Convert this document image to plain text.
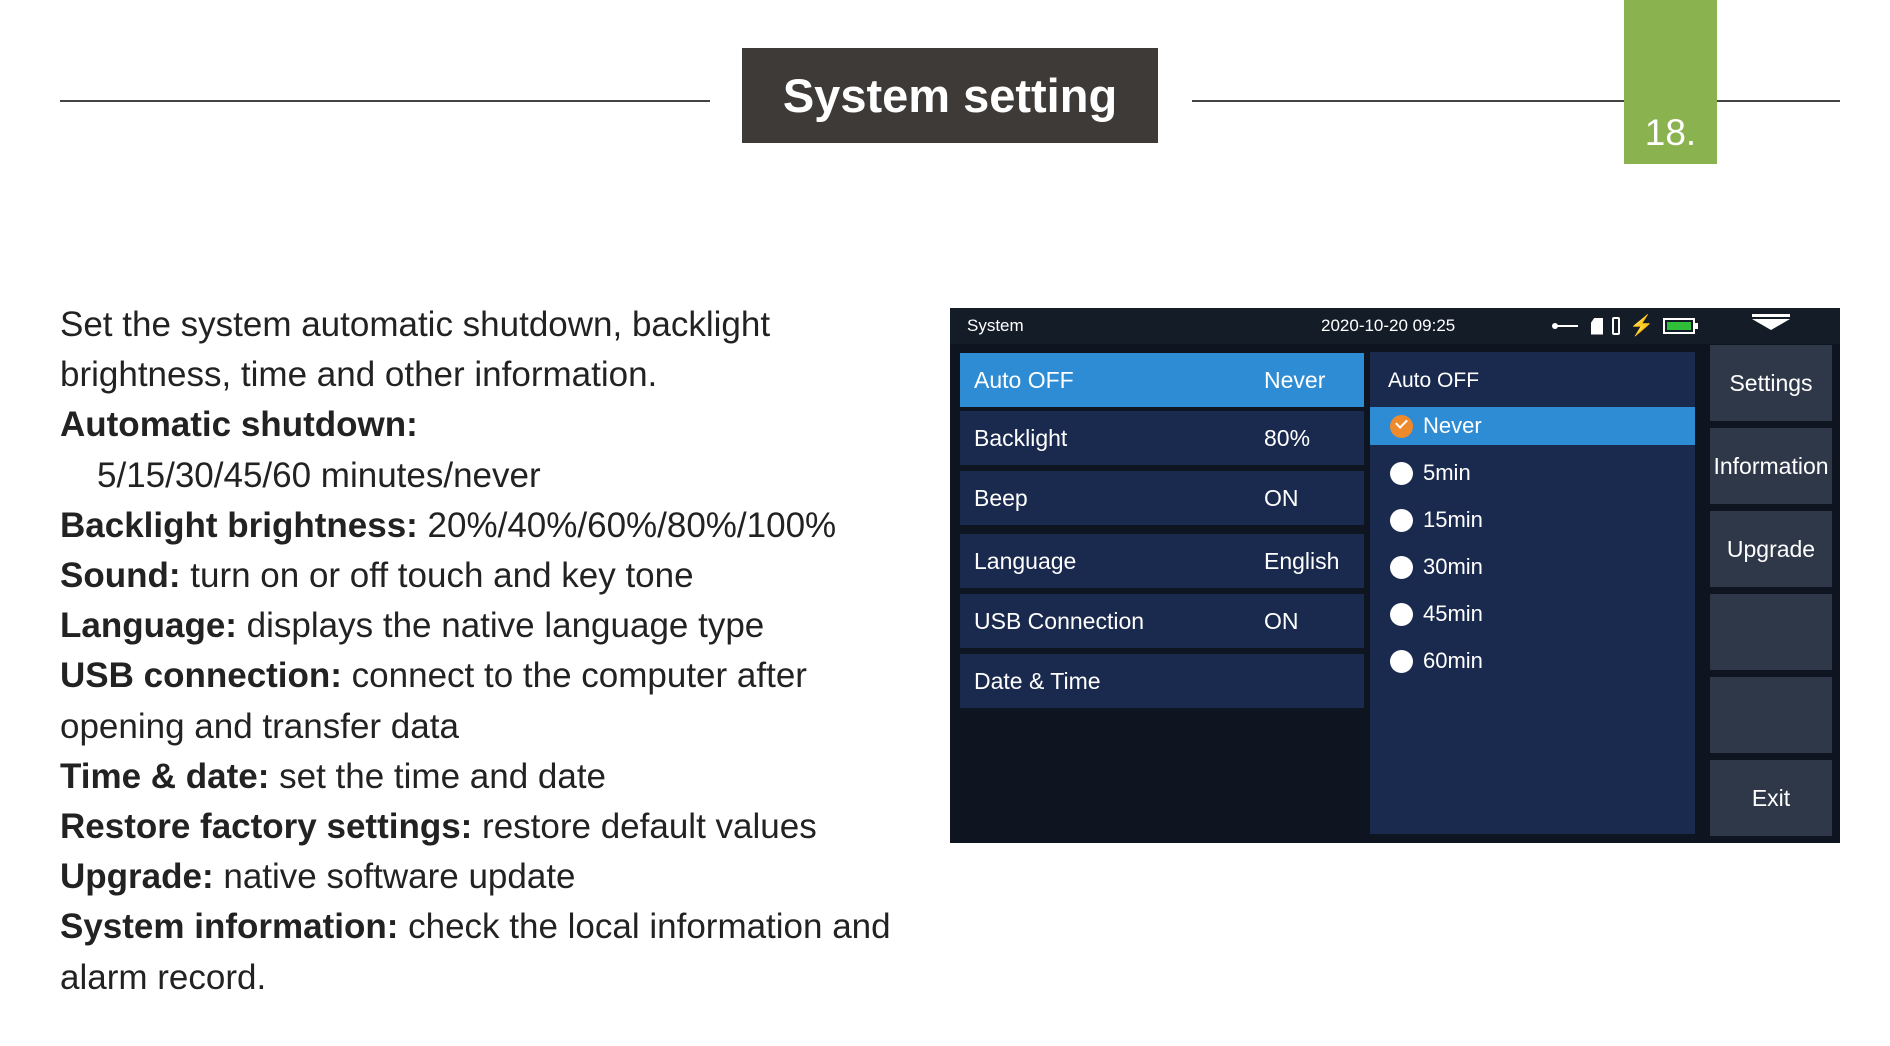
System setting
18.

Set the system automatic shutdown, backlight

brightness, time and other information.

Automatic shutdown:

5/15/30/45/60 minutes/never

Backlight brightness: 20%/40%/60%/80%/100%

Sound: turn on or off touch and key tone

Language: displays the native language type

USB connection: connect to the computer after

opening and transfer data

Time & date: set the time and date

Restore factory settings: restore default values

Upgrade: native software update

System information: check the local information and

alarm record.

System	2020-10-20 09:25	⚡
Auto OFF	Never
Backlight	80%
Beep	ON
Language	English
USB Connection	ON
Date & Time
Auto OFF
Never
5min
15min
30min
45min
60min
Settings
Information
Upgrade
Exit
